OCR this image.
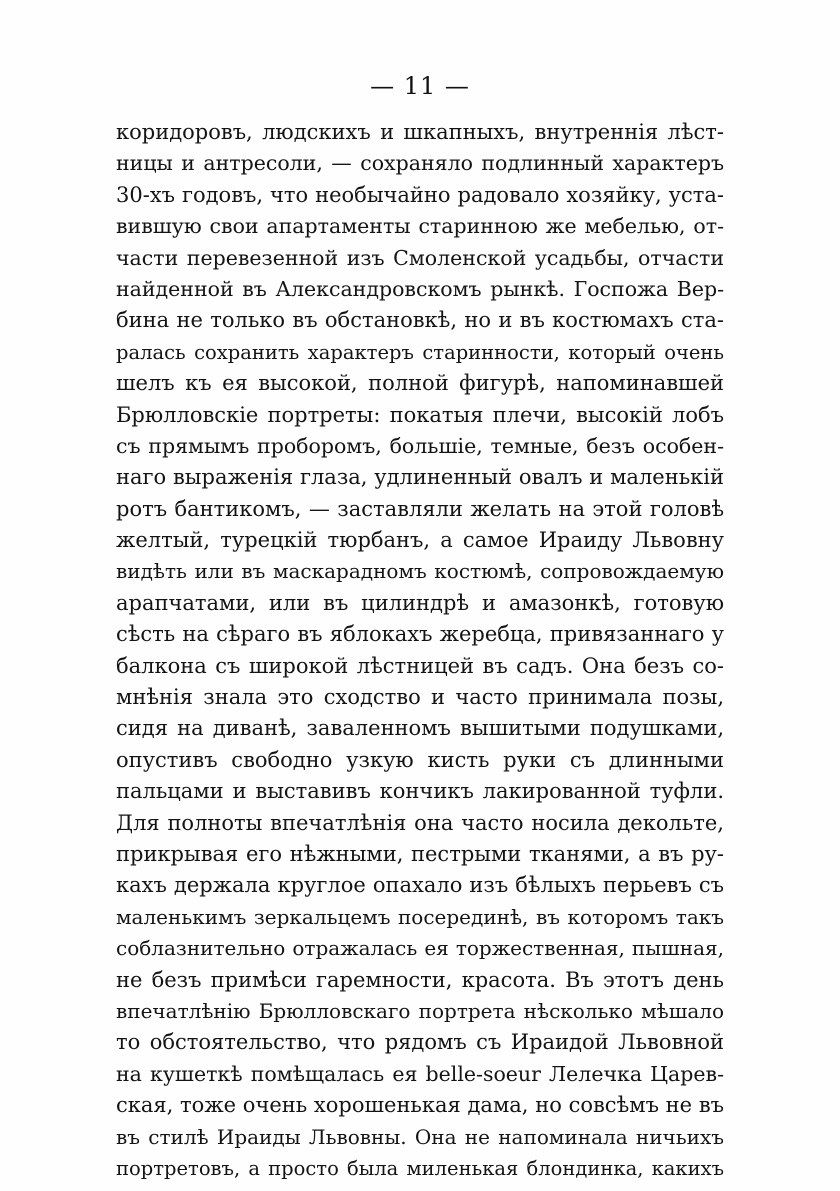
— 11 —
коридоровъ, людскихъ и шкапныхъ, внутреннія лѣст-
ницы и антресоли, — сохраняло подлинный характеръ
30-хъ годовъ, что необычайно радовало хозяйку, уста-
вившую свои апартаменты старинною же мебелью, от-
части перевезенной изъ Смоленской усадьбы, отчасти
найденной въ Александровскомъ рынкѣ. Госпожа Вер-
бина не только въ обстановкѣ, но и въ костюмахъ ста-
ралась сохранить характеръ старинности, который очень
шелъ къ ея высокой, полной фигурѣ, напоминавшей
Брюлловскіе портреты: покатыя плечи, высокій лобъ
съ прямымъ проборомъ, большіе, темные, безъ особен-
наго выраженія глаза, удлиненный овалъ и маленькій
ротъ бантикомъ, — заставляли желать на этой головѣ
желтый, турецкій тюрбанъ, а самое Ираиду Львовну
видѣть или въ маскарадномъ костюмѣ, сопровождаемую
арапчатами, или въ цилиндрѣ и амазонкѣ, готовую
сѣсть на сѣраго въ яблокахъ жеребца, привязаннаго у
балкона съ широкой лѣстницей въ садъ. Она безъ со-
мнѣнія знала это сходство и часто принимала позы,
сидя на диванѣ, заваленномъ вышитыми подушками,
опустивъ свободно узкую кисть руки съ длинными
пальцами и выставивъ кончикъ лакированной туфли.
Для полноты впечатлѣнія она часто носила декольте,
прикрывая его нѣжными, пестрыми тканями, а въ ру-
кахъ держала круглое опахало изъ бѣлыхъ перьевъ съ
маленькимъ зеркальцемъ посерединѣ, въ которомъ такъ
соблазнительно отражалась ея торжественная, пышная,
не безъ примѣси гаремности, красота. Въ этотъ день
впечатлѣнію Брюлловскаго портрета нѣсколько мѣшало
то обстоятельство, что рядомъ съ Ираидой Львовной
на кушеткѣ помѣщалась ея belle-soeur Лелечка Царев-
ская, тоже очень хорошенькая дама, но совсѣмъ не въ
въ стилѣ Ираиды Львовны. Она не напоминала ничьихъ
портретовъ, а просто была миленькая блондинка, какихъ
